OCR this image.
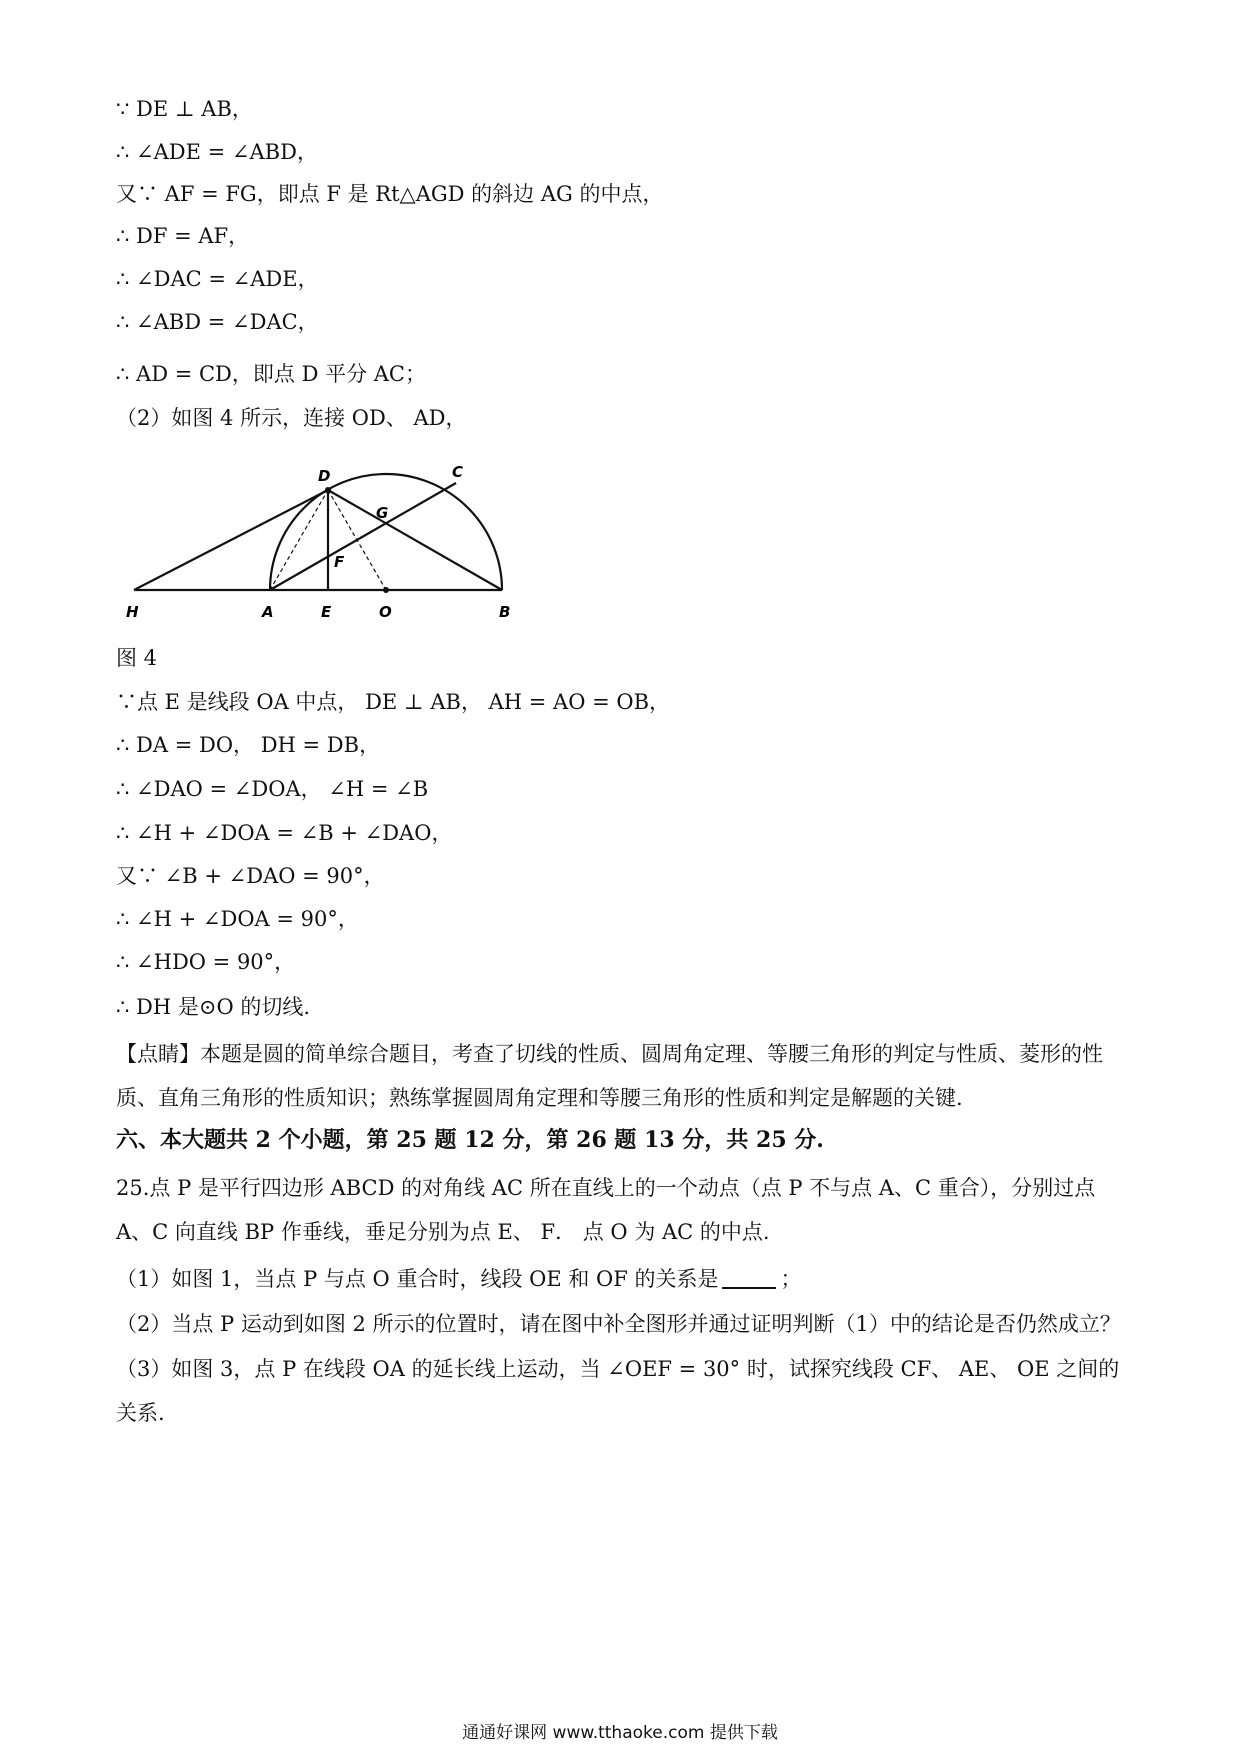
∵ DE ⊥ AB，
∴ ∠ADE = ∠ABD，
又∵ AF = FG，即点 F 是 Rt△AGD 的斜边 AG 的中点，
∴ DF = AF，
∴ ∠DAC = ∠ADE，
∴ ∠ABD = ∠DAC，
∴ AD = CD，即点 D 平分 AC；
（2）如图 4 所示，连接 OD、 AD，
D	C
G
F
H	A	E	O	B
图 4
∵点 E 是线段 OA 中点， DE ⊥ AB， AH = AO = OB，
∴ DA = DO， DH = DB，
∴ ∠DAO = ∠DOA， ∠H = ∠B
∴ ∠H + ∠DOA = ∠B + ∠DAO，
又∵ ∠B + ∠DAO = 90°，
∴ ∠H + ∠DOA = 90°，
∴ ∠HDO = 90°，
∴ DH 是⊙O 的切线.
【点睛】本题是圆的简单综合题目，考查了切线的性质、圆周角定理、等腰三角形的判定与性质、菱形的性质、直角三角形的性质知识；熟练掌握圆周角定理和等腰三角形的性质和判定是解题的关键.
六、本大题共 2 个小题，第 25 题 12 分，第 26 题 13 分，共 25 分.
25.点 P 是平行四边形 ABCD 的对角线 AC 所在直线上的一个动点（点 P 不与点 A、C 重合），分别过点 A、C 向直线 BP 作垂线，垂足分别为点 E、 F． 点 O 为 AC 的中点.
（1）如图 1，当点 P 与点 O 重合时，线段 OE 和 OF 的关系是	；
（2）当点 P 运动到如图 2 所示的位置时，请在图中补全图形并通过证明判断（1）中的结论是否仍然成立？
（3）如图 3，点 P 在线段 OA 的延长线上运动，当 ∠OEF = 30° 时，试探究线段 CF、 AE、 OE 之间的关系.
通通好课网 www.tthaoke.com 提供下载
